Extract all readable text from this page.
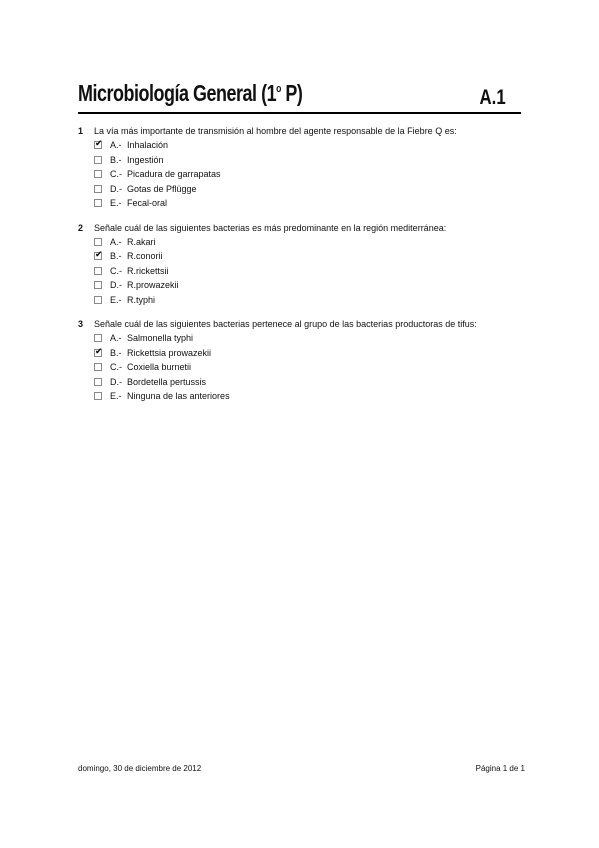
Microbiología General (1$^o$ P)	A.1
1 La vía más importante de transmisión al hombre del agente responsable de la Fiebre Q es:
✔
A.- Inhalación
B.- Ingestión
C.- Picadura de garrapatas
D.- Gotas de Pflügge
E.- Fecal-oral
2 Señale cuál de las siguientes bacterias es más predominante en la región mediterránea:
A.- R.akari
✔
B.- R.conorii
C.- R.rickettsii
D.- R.prowazekii
E.- R.typhi
3 Señale cuál de las siguientes bacterias pertenece al grupo de las bacterias productoras de tifus:
A.- Salmonella typhi
✔
B.- Rickettsia prowazekii
C.- Coxiella burnetii
D.- Bordetella pertussis
E.- Ninguna de las anteriores
domingo, 30 de diciembre de 2012	Página 1 de 1
